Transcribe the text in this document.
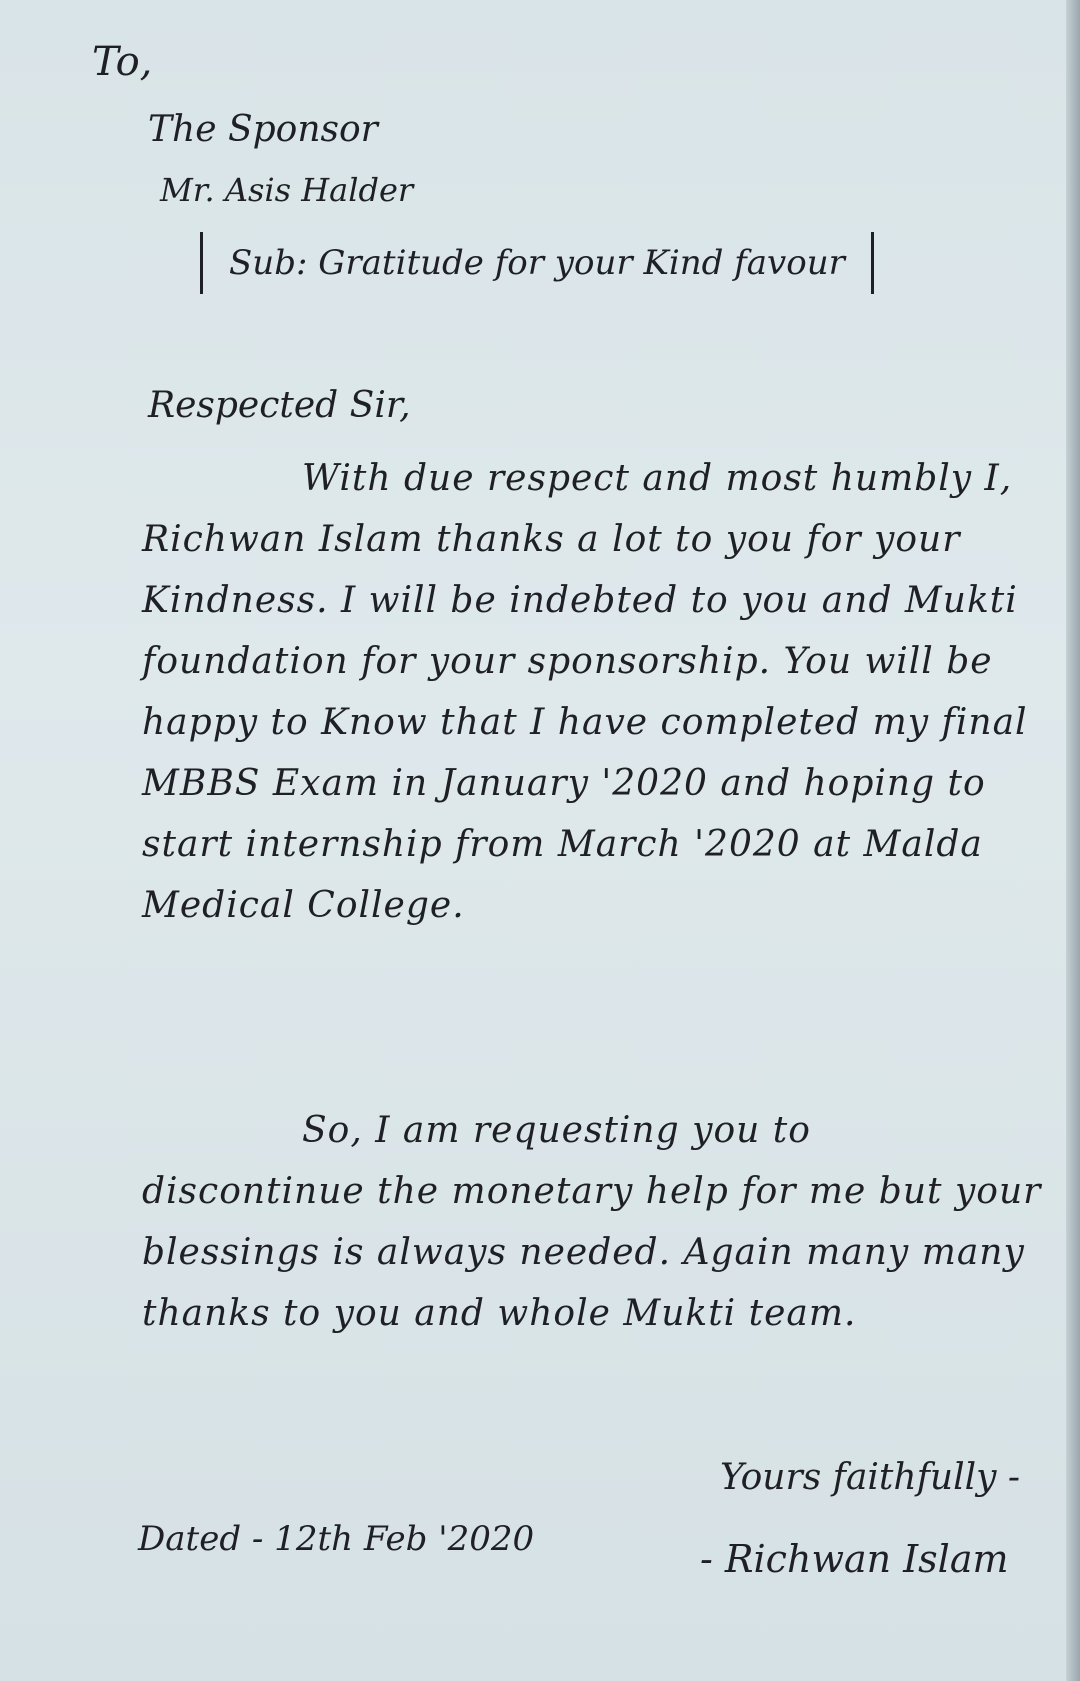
To,
The Sponsor
Mr. Asis Halder
Sub: Gratitude for your Kind favour
Respected Sir,
With due respect and most humbly I, Richwan Islam thanks a lot to you for your Kindness. I will be indebted to you and Mukti foundation for your sponsorship. You will be happy to Know that I have completed my final MBBS Exam in January '2020 and hoping to start internship from March '2020 at Malda Medical College.
So, I am requesting you to discontinue the monetary help for me but your blessings is always needed. Again many many thanks to you and whole Mukti team.
Yours faithfully -
- Richwan Islam
Dated - 12th Feb '2020
